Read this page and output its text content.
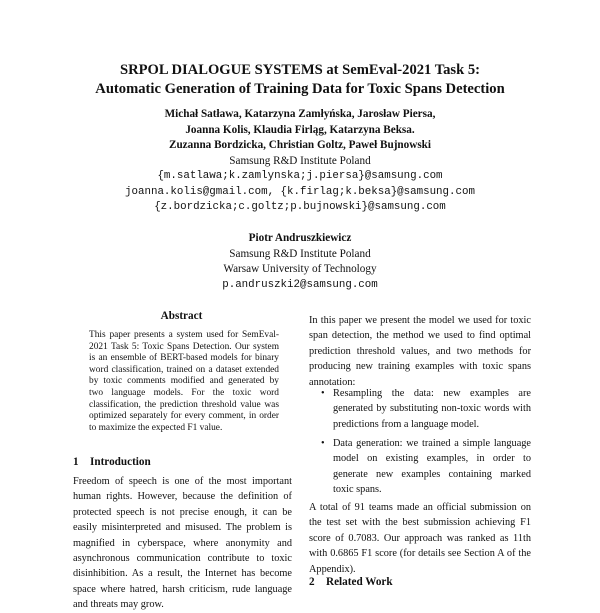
SRPOL DIALOGUE SYSTEMS at SemEval-2021 Task 5:
Automatic Generation of Training Data for Toxic Spans Detection
Michał Satława, Katarzyna Zamłyńska, Jarosław Piersa,
Joanna Kolis, Klaudia Firląg, Katarzyna Beksa.
Zuzanna Bordzicka, Christian Goltz, Paweł Bujnowski
Samsung R&D Institute Poland
{m.satlawa;k.zamlynska;j.piersa}@samsung.com
joanna.kolis@gmail.com, {k.firlag;k.beksa}@samsung.com
{z.bordzicka;c.goltz;p.bujnowski}@samsung.com
Piotr Andruszkiewicz
Samsung R&D Institute Poland
Warsaw University of Technology
p.andruszki2@samsung.com
Abstract
This paper presents a system used for SemEval-2021 Task 5: Toxic Spans Detection. Our system is an ensemble of BERT-based models for binary word classification, trained on a dataset extended by toxic comments modified and generated by two language models. For the toxic word classification, the prediction threshold value was optimized separately for every comment, in order to maximize the expected F1 value.
1 Introduction
Freedom of speech is one of the most important human rights. However, because the definition of protected speech is not precise enough, it can be easily misinterpreted and misused. The problem is magnified in cyberspace, where anonymity and asynchronous communication contribute to toxic disinhibition. As a result, the Internet has become space where hatred, harsh criticism, rude language and threats may grow.
In this paper we present the model we used for toxic span detection, the method we used to find optimal prediction threshold values, and two methods for producing new training examples with toxic spans annotation:
• Resampling the data: new examples are generated by substituting non-toxic words with predictions from a language model.
• Data generation: we trained a simple language model on existing examples, in order to generate new examples containing marked toxic spans.
A total of 91 teams made an official submission on the test set with the best submission achieving F1 score of 0.7083. Our approach was ranked as 11th with 0.6865 F1 score (for details see Section A of the Appendix).
2 Related Work
